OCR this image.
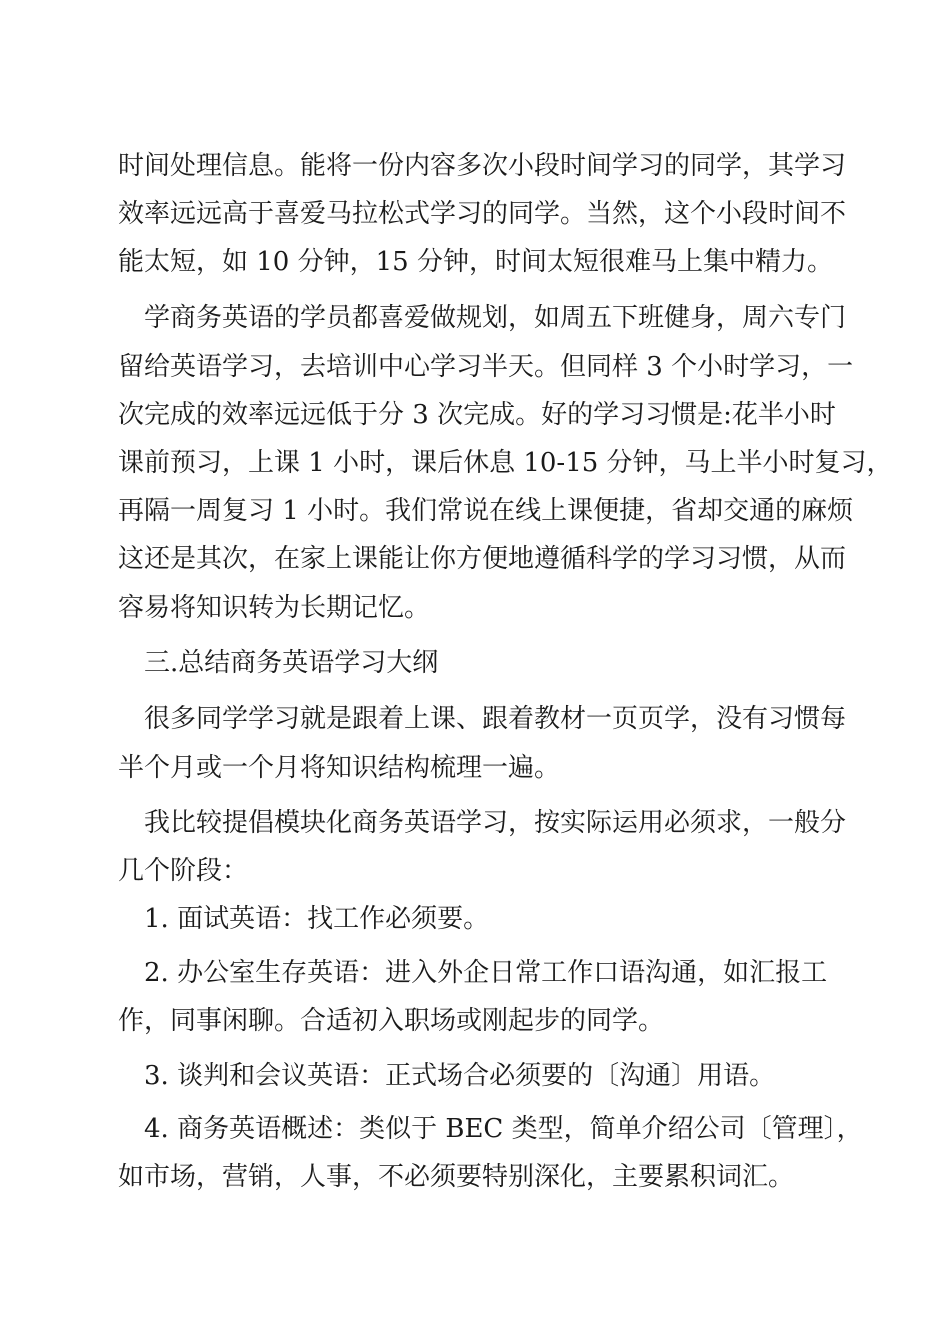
时间处理信息。能将一份内容多次小段时间学习的同学，其学习
效率远远高于喜爱马拉松式学习的同学。当然，这个小段时间不
能太短，如 10 分钟，15 分钟，时间太短很难马上集中精力。
学商务英语的学员都喜爱做规划，如周五下班健身，周六专门
留给英语学习，去培训中心学习半天。但同样 3 个小时学习，一
次完成的效率远远低于分 3 次完成。好的学习习惯是:花半小时
课前预习，上课 1 小时，课后休息 10-15 分钟，马上半小时复习，
再隔一周复习 1 小时。我们常说在线上课便捷，省却交通的麻烦
这还是其次，在家上课能让你方便地遵循科学的学习习惯，从而
容易将知识转为长期记忆。
三.总结商务英语学习大纲
很多同学学习就是跟着上课、跟着教材一页页学，没有习惯每
半个月或一个月将知识结构梳理一遍。
我比较提倡模块化商务英语学习，按实际运用必须求，一般分
几个阶段：
1. 面试英语：找工作必须要。
2. 办公室生存英语：进入外企日常工作口语沟通，如汇报工
作，同事闲聊。合适初入职场或刚起步的同学。
3. 谈判和会议英语：正式场合必须要的〔沟通〕用语。
4. 商务英语概述：类似于 BEC 类型，简单介绍公司〔管理〕，
如市场，营销，人事，不必须要特别深化，主要累积词汇。
